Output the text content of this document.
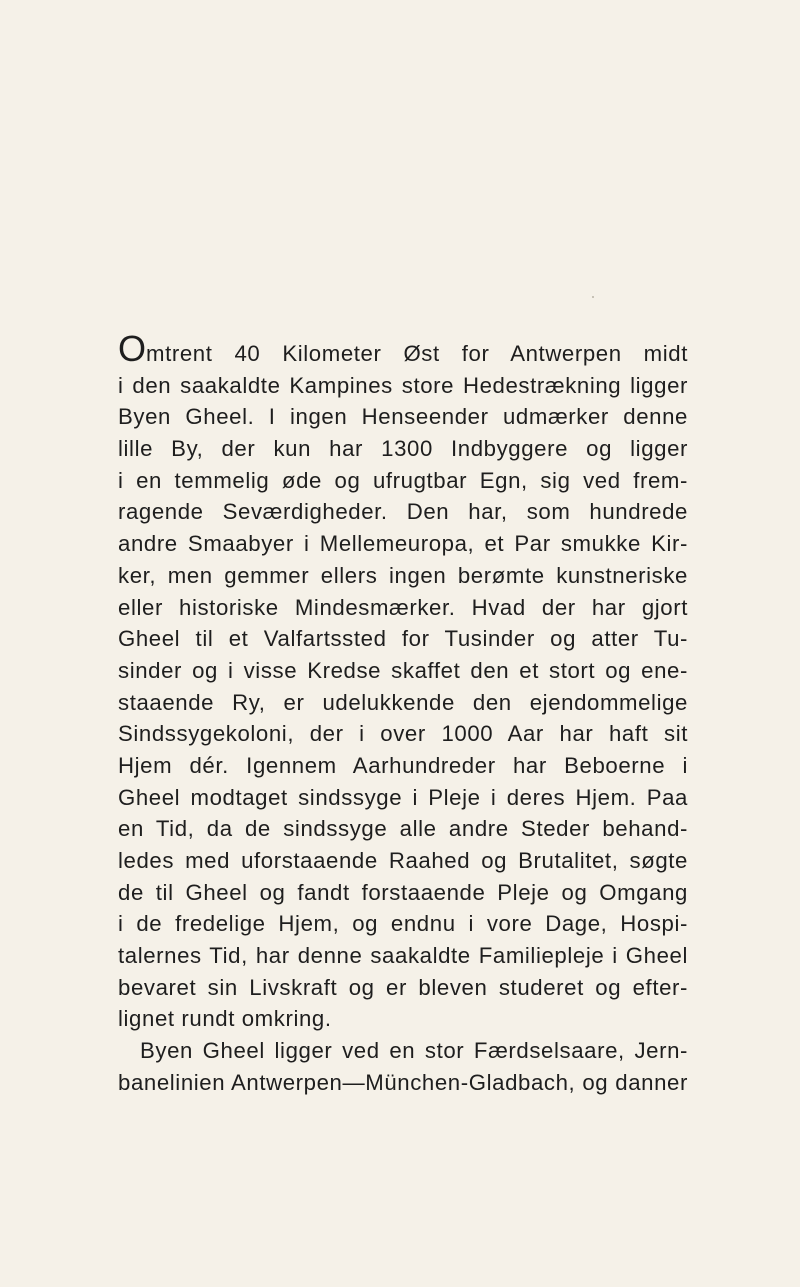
Omtrent 40 Kilometer Øst for Antwerpen midt
i den saakaldte Kampines store Hedestrækning ligger
Byen Gheel. I ingen Henseender udmærker denne
lille By, der kun har 1300 Indbyggere og ligger
i en temmelig øde og ufrugtbar Egn, sig ved frem-
ragende Seværdigheder. Den har, som hundrede
andre Smaabyer i Mellemeuropa, et Par smukke Kir-
ker, men gemmer ellers ingen berømte kunstneriske
eller historiske Mindesmærker. Hvad der har gjort
Gheel til et Valfartssted for Tusinder og atter Tu-
sinder og i visse Kredse skaffet den et stort og ene-
staaende Ry, er udelukkende den ejendommelige
Sindssygekoloni, der i over 1000 Aar har haft sit
Hjem dér. Igennem Aarhundreder har Beboerne i
Gheel modtaget sindssyge i Pleje i deres Hjem. Paa
en Tid, da de sindssyge alle andre Steder behand-
ledes med uforstaaende Raahed og Brutalitet, søgte
de til Gheel og fandt forstaaende Pleje og Omgang
i de fredelige Hjem, og endnu i vore Dage, Hospi-
talernes Tid, har denne saakaldte Familiepleje i Gheel
bevaret sin Livskraft og er bleven studeret og efter-
lignet rundt omkring.
Byen Gheel ligger ved en stor Færdselsaare, Jern-
banelinien Antwerpen—München-Gladbach, og danner
